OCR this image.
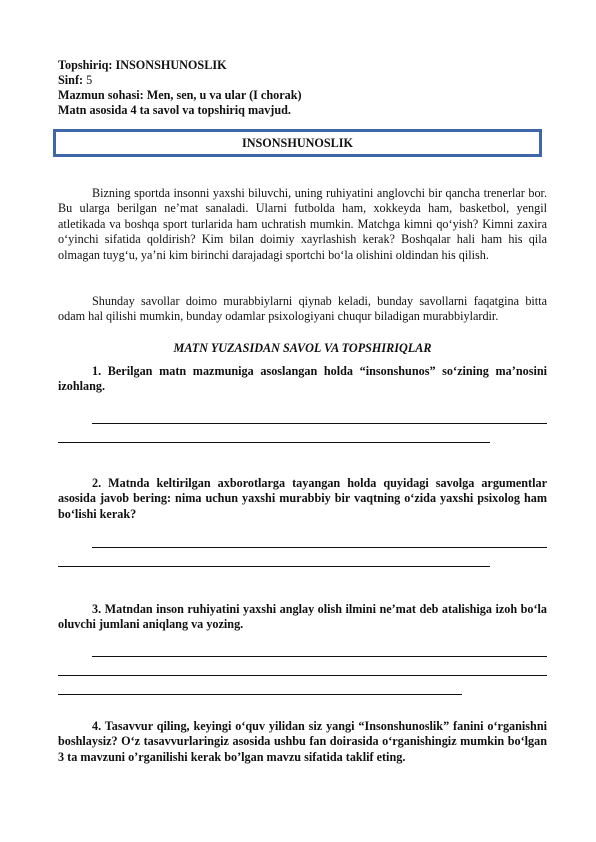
Topshiriq: INSONSHUNOSLIK
Sinf: 5
Mazmun sohasi: Men, sen, u va ular (I chorak)
Matn asosida 4 ta savol va topshiriq mavjud.
INSONSHUNOSLIK
Bizning sportda insonni yaxshi biluvchi, uning ruhiyatini anglovchi bir qancha trenerlar bor. Bu ularga berilgan ne’mat sanaladi. Ularni futbolda ham, xokkeyda ham, basketbol, yengil atletikada va boshqa sport turlarida ham uchratish mumkin. Matchga kimni qo‘yish? Kimni zaxira o‘yinchi sifatida qoldirish? Kim bilan doimiy xayrlashish kerak? Boshqalar hali ham his qila olmagan tuyg‘u, ya’ni kim birinchi darajadagi sportchi bo‘la olishini oldindan his qilish.
Shunday savollar doimo murabbiylarni qiynab keladi, bunday savollarni faqatgina bitta odam hal qilishi mumkin, bunday odamlar psixologiyani chuqur biladigan murabbiylardir.
MATN YUZASIDAN SAVOL VA TOPSHIRIQLAR
1. Berilgan matn mazmuniga asoslangan holda “insonshunos” so‘zining ma’nosini izohlang.
2. Matnda keltirilgan axborotlarga tayangan holda quyidagi savolga argumentlar asosida javob bering: nima uchun yaxshi murabbiy bir vaqtning o‘zida yaxshi psixolog ham bo‘lishi kerak?
3. Matndan inson ruhiyatini yaxshi anglay olish ilmini ne’mat deb atalishiga izoh bo‘la oluvchi jumlani aniqlang va yozing.
4. Tasavvur qiling, keyingi o‘quv yilidan siz yangi “Insonshunoslik” fanini o‘rganishni boshlaysiz? O‘z tasavvurlaringiz asosida ushbu fan doirasida o‘rganishingiz mumkin bo‘lgan 3 ta mavzuni o’rganilishi kerak bo’lgan mavzu sifatida taklif eting.
